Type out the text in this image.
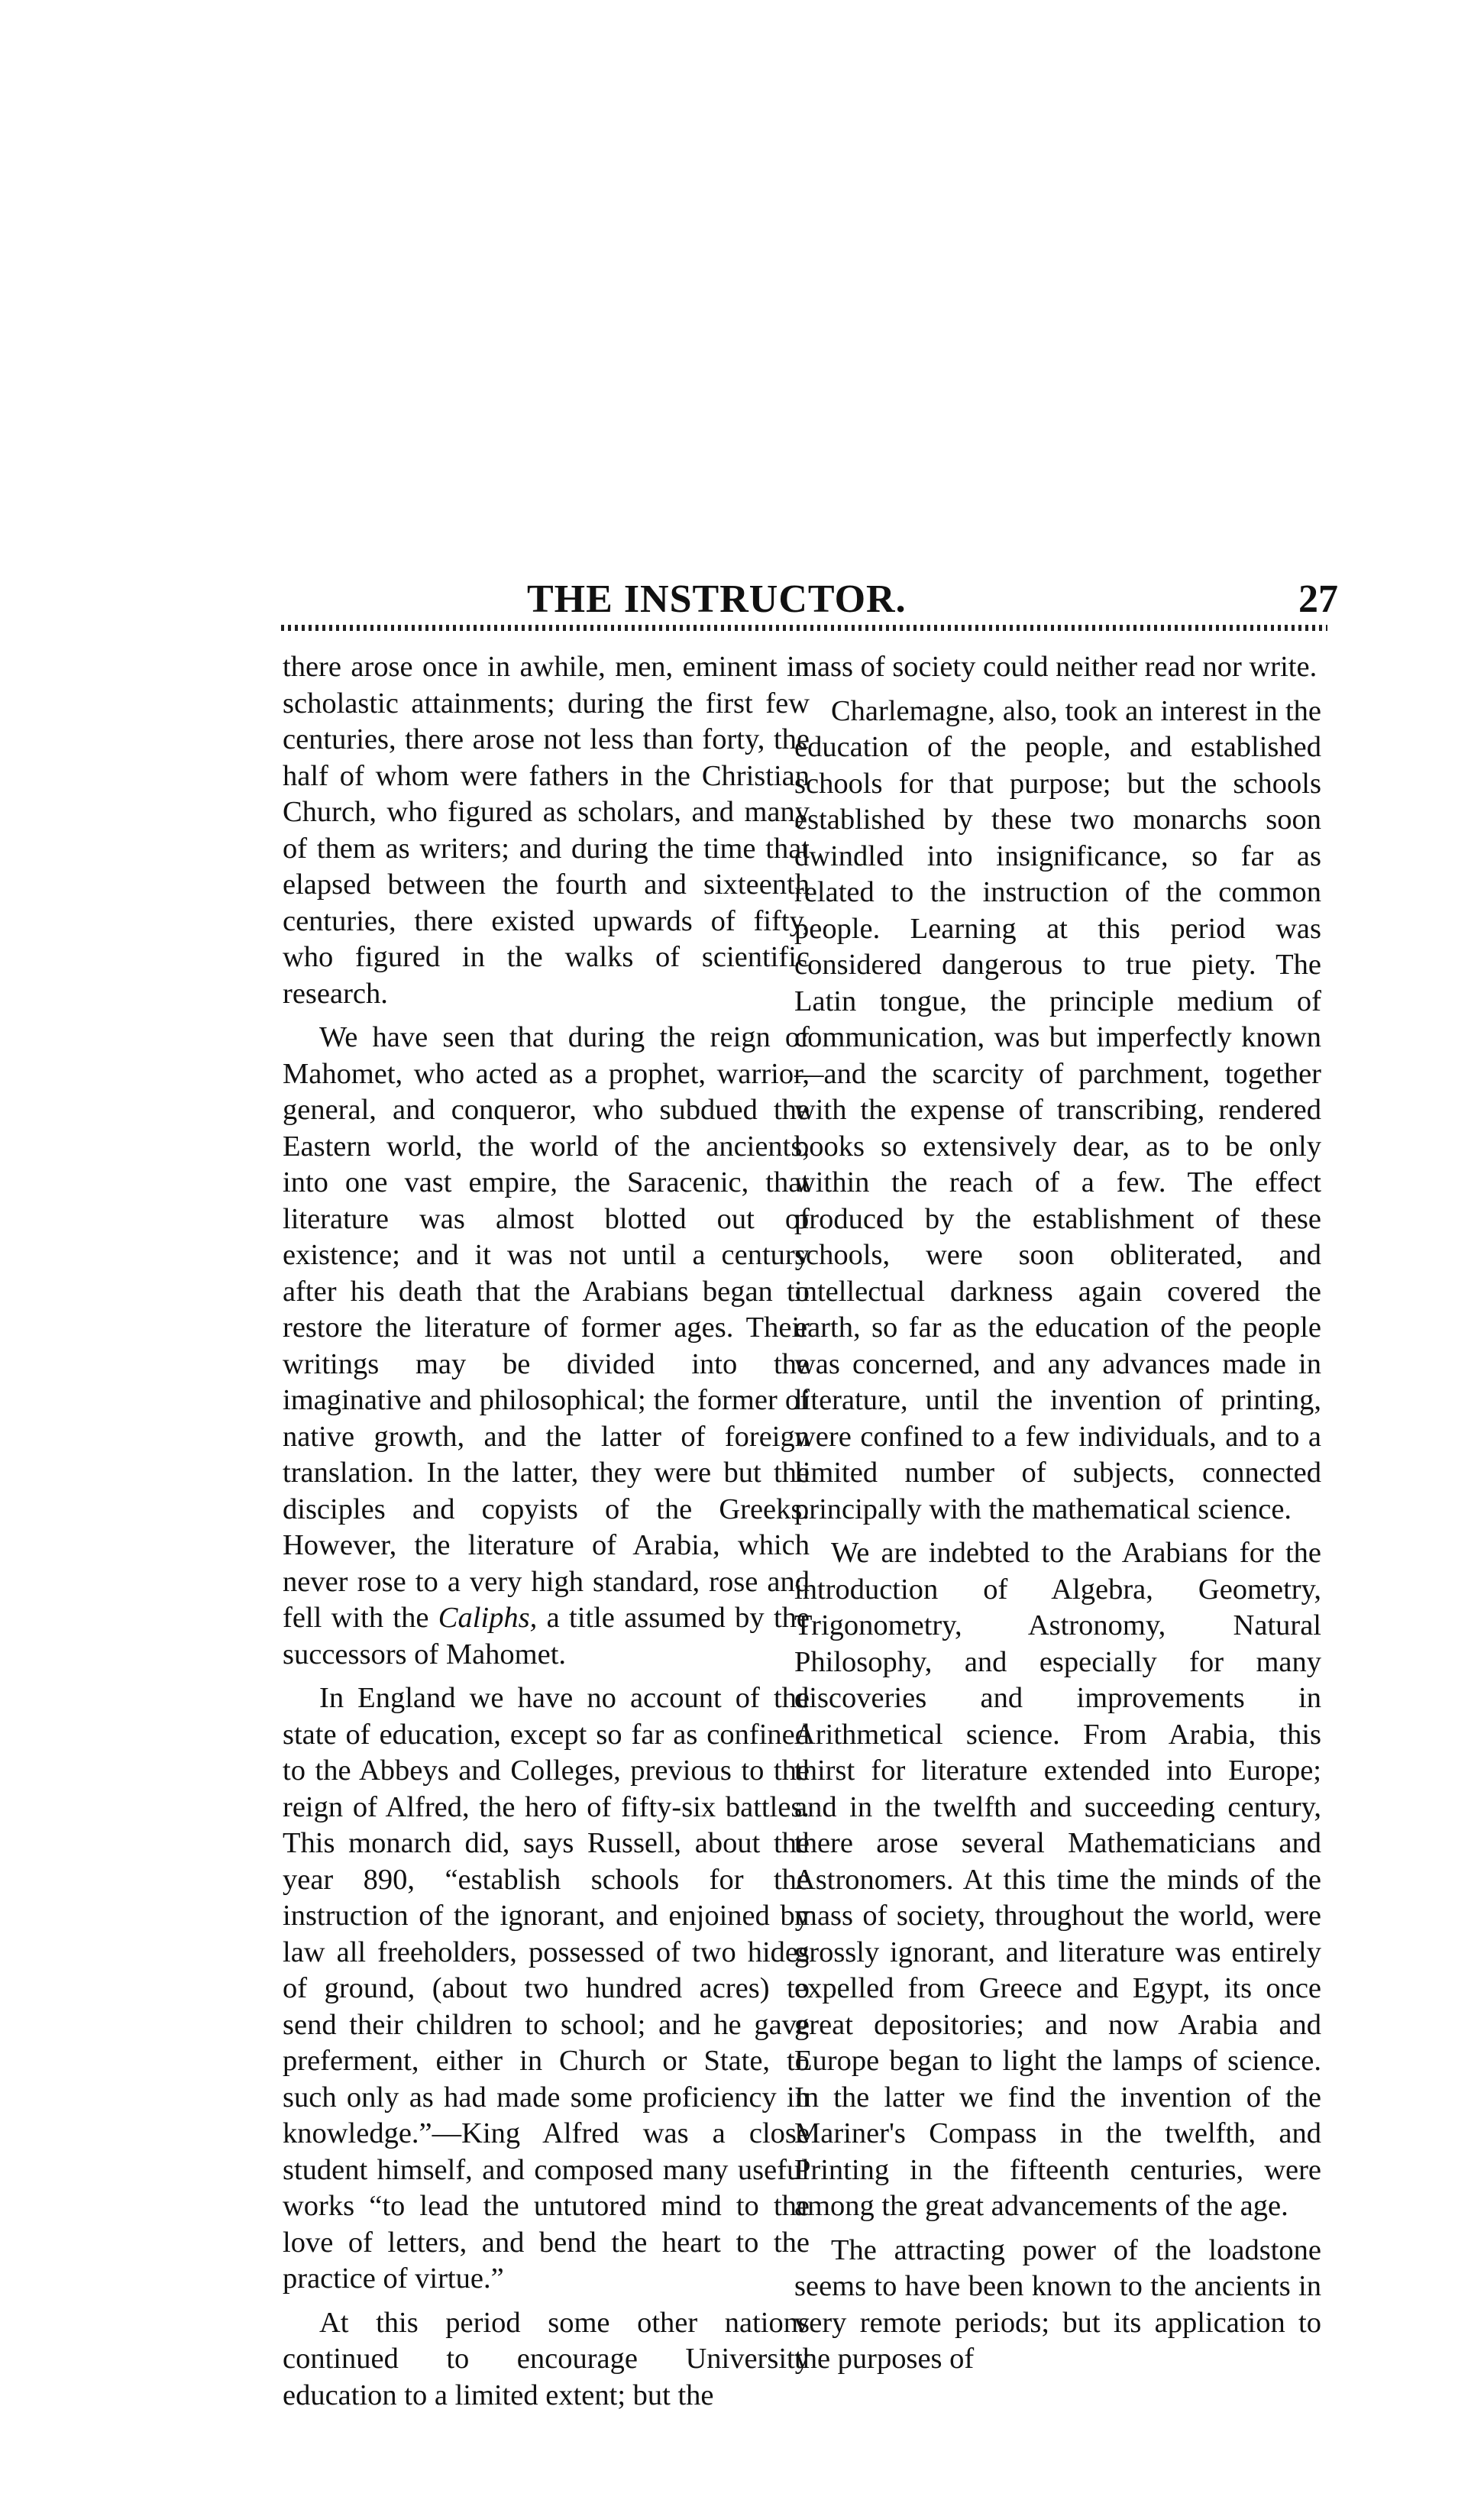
THE INSTRUCTOR.	27

there arose once in awhile, men, eminent in scholastic attainments; during the first few centuries, there arose not less than forty, the half of whom were fathers in the Christian Church, who figured as scholars, and many of them as writers; and during the time that elapsed between the fourth and sixteenth centuries, there existed upwards of fifty, who figured in the walks of scientific research.

We have seen that during the reign of Mahomet, who acted as a prophet, warrior, general, and conqueror, who subdued the Eastern world, the world of the ancients, into one vast empire, the Saracenic, that literature was almost blotted out of existence; and it was not until a century after his death that the Arabians began to restore the literature of former ages. Their writings may be divided into the imaginative and philosophical; the former of native growth, and the latter of foreign translation. In the latter, they were but the disciples and copyists of the Greeks. However, the literature of Arabia, which never rose to a very high standard, rose and fell with the Caliphs, a title assumed by the successors of Mahomet.

In England we have no account of the state of education, except so far as confined to the Abbeys and Colleges, previous to the reign of Alfred, the hero of fifty-six battles. This monarch did, says Russell, about the year 890, “establish schools for the instruction of the ignorant, and enjoined by law all freeholders, possessed of two hides of ground, (about two hundred acres) to send their children to school; and he gave preferment, either in Church or State, to such only as had made some proficiency in knowledge.”—King Alfred was a close student himself, and composed many useful works “to lead the untutored mind to the love of letters, and bend the heart to the practice of virtue.”

At this period some other nations continued to encourage University education to a limited extent; but the

mass of society could neither read nor write.

Charlemagne, also, took an interest in the education of the people, and established schools for that purpose; but the schools established by these two monarchs soon dwindled into insignificance, so far as related to the instruction of the common people. Learning at this period was considered dangerous to true piety. The Latin tongue, the principle medium of communication, was but imperfectly known—and the scarcity of parchment, together with the expense of transcribing, rendered books so extensively dear, as to be only within the reach of a few. The effect produced by the establishment of these schools, were soon obliterated, and intellectual darkness again covered the earth, so far as the education of the people was concerned, and any advances made in literature, until the invention of printing, were confined to a few individuals, and to a limited number of subjects, connected principally with the mathematical science.

We are indebted to the Arabians for the introduction of Algebra, Geometry, Trigonometry, Astronomy, Natural Philosophy, and especially for many discoveries and improvements in Arithmetical science. From Arabia, this thirst for literature extended into Europe; and in the twelfth and succeeding century, there arose several Mathematicians and Astronomers. At this time the minds of the mass of society, throughout the world, were grossly ignorant, and literature was entirely expelled from Greece and Egypt, its once great depositories; and now Arabia and Europe began to light the lamps of science. In the latter we find the invention of the Mariner's Compass in the twelfth, and Printing in the fifteenth centuries, were among the great advancements of the age.

The attracting power of the loadstone seems to have been known to the ancients in very remote periods; but its application to the purposes of
